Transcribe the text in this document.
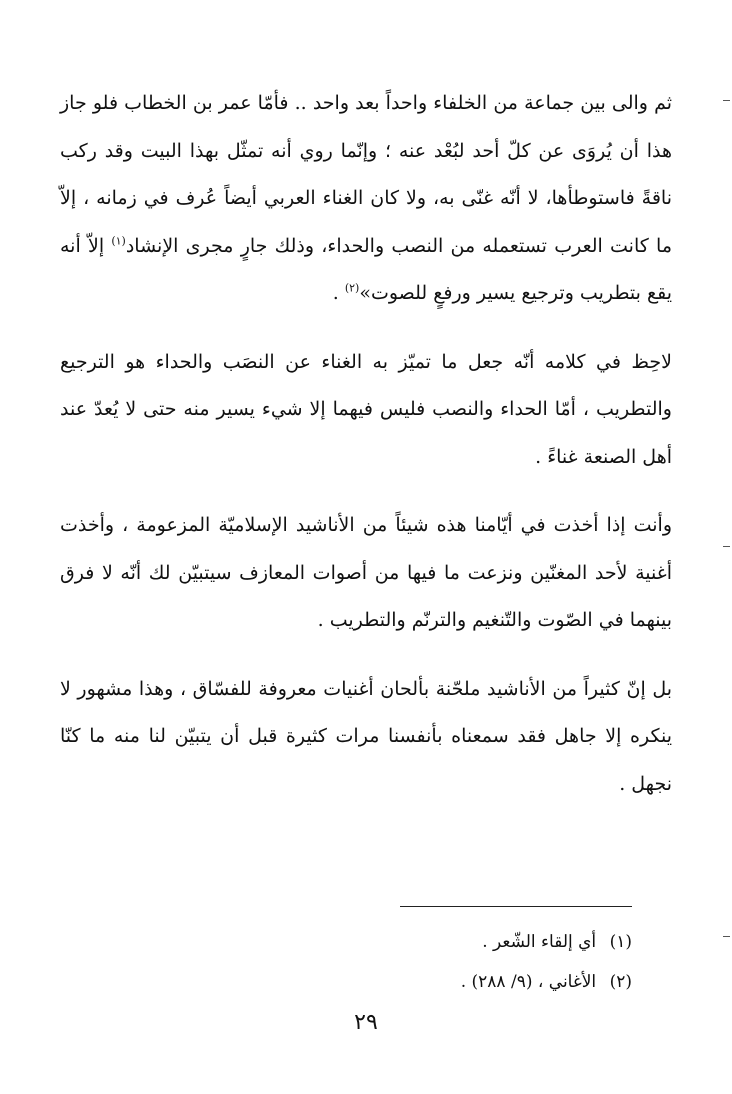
ثم والى بين جماعة من الخلفاء واحداً بعد واحد .. فأمّا عمر بن الخطاب فلو جاز هذا أن يُروَى عن كلّ أحد لبُعْد عنه ؛ وإنّما روي أنه تمثّل بهذا البيت وقد ركب ناقةً فاستوطأها، لا أنّه غنّى به، ولا كان الغناء العربي أيضاً عُرف في زمانه ، إلاّ ما كانت العرب تستعمله من النصب والحداء، وذلك جارٍ مجرى الإنشاد$^{(١)}$ إلاّ أنه يقع بتطريب وترجيع يسير ورفعٍ للصوت»$^{(٢)}$ .

لاحِظ في كلامه أنّه جعل ما تميّز به الغناء عن النصَب والحداء هو الترجيع والتطريب ، أمّا الحداء والنصب فليس فيهما إلا شيء يسير منه حتى لا يُعدّ عند أهل الصنعة غناءً .

وأنت إذا أخذت في أيّامنا هذه شيئاً من الأناشيد الإسلاميّة المزعومة ، وأخذت أغنية لأحد المغنّين ونزعت ما فيها من أصوات المعازف سيتبيّن لك أنّه لا فرق بينهما في الصّوت والتّنغيم والترنّم والتطريب .

بل إنّ كثيراً من الأناشيد ملحّنة بألحان أغنيات معروفة للفسّاق ، وهذا مشهور لا ينكره إلا جاهل فقد سمعناه بأنفسنا مرات كثيرة قبل أن يتبيّن لنا منه ما كنّا نجهل .

(١) أي إلقاء الشّعر .
(٢) الأغاني ، (٩/ ٢٨٨) .
٢٩
